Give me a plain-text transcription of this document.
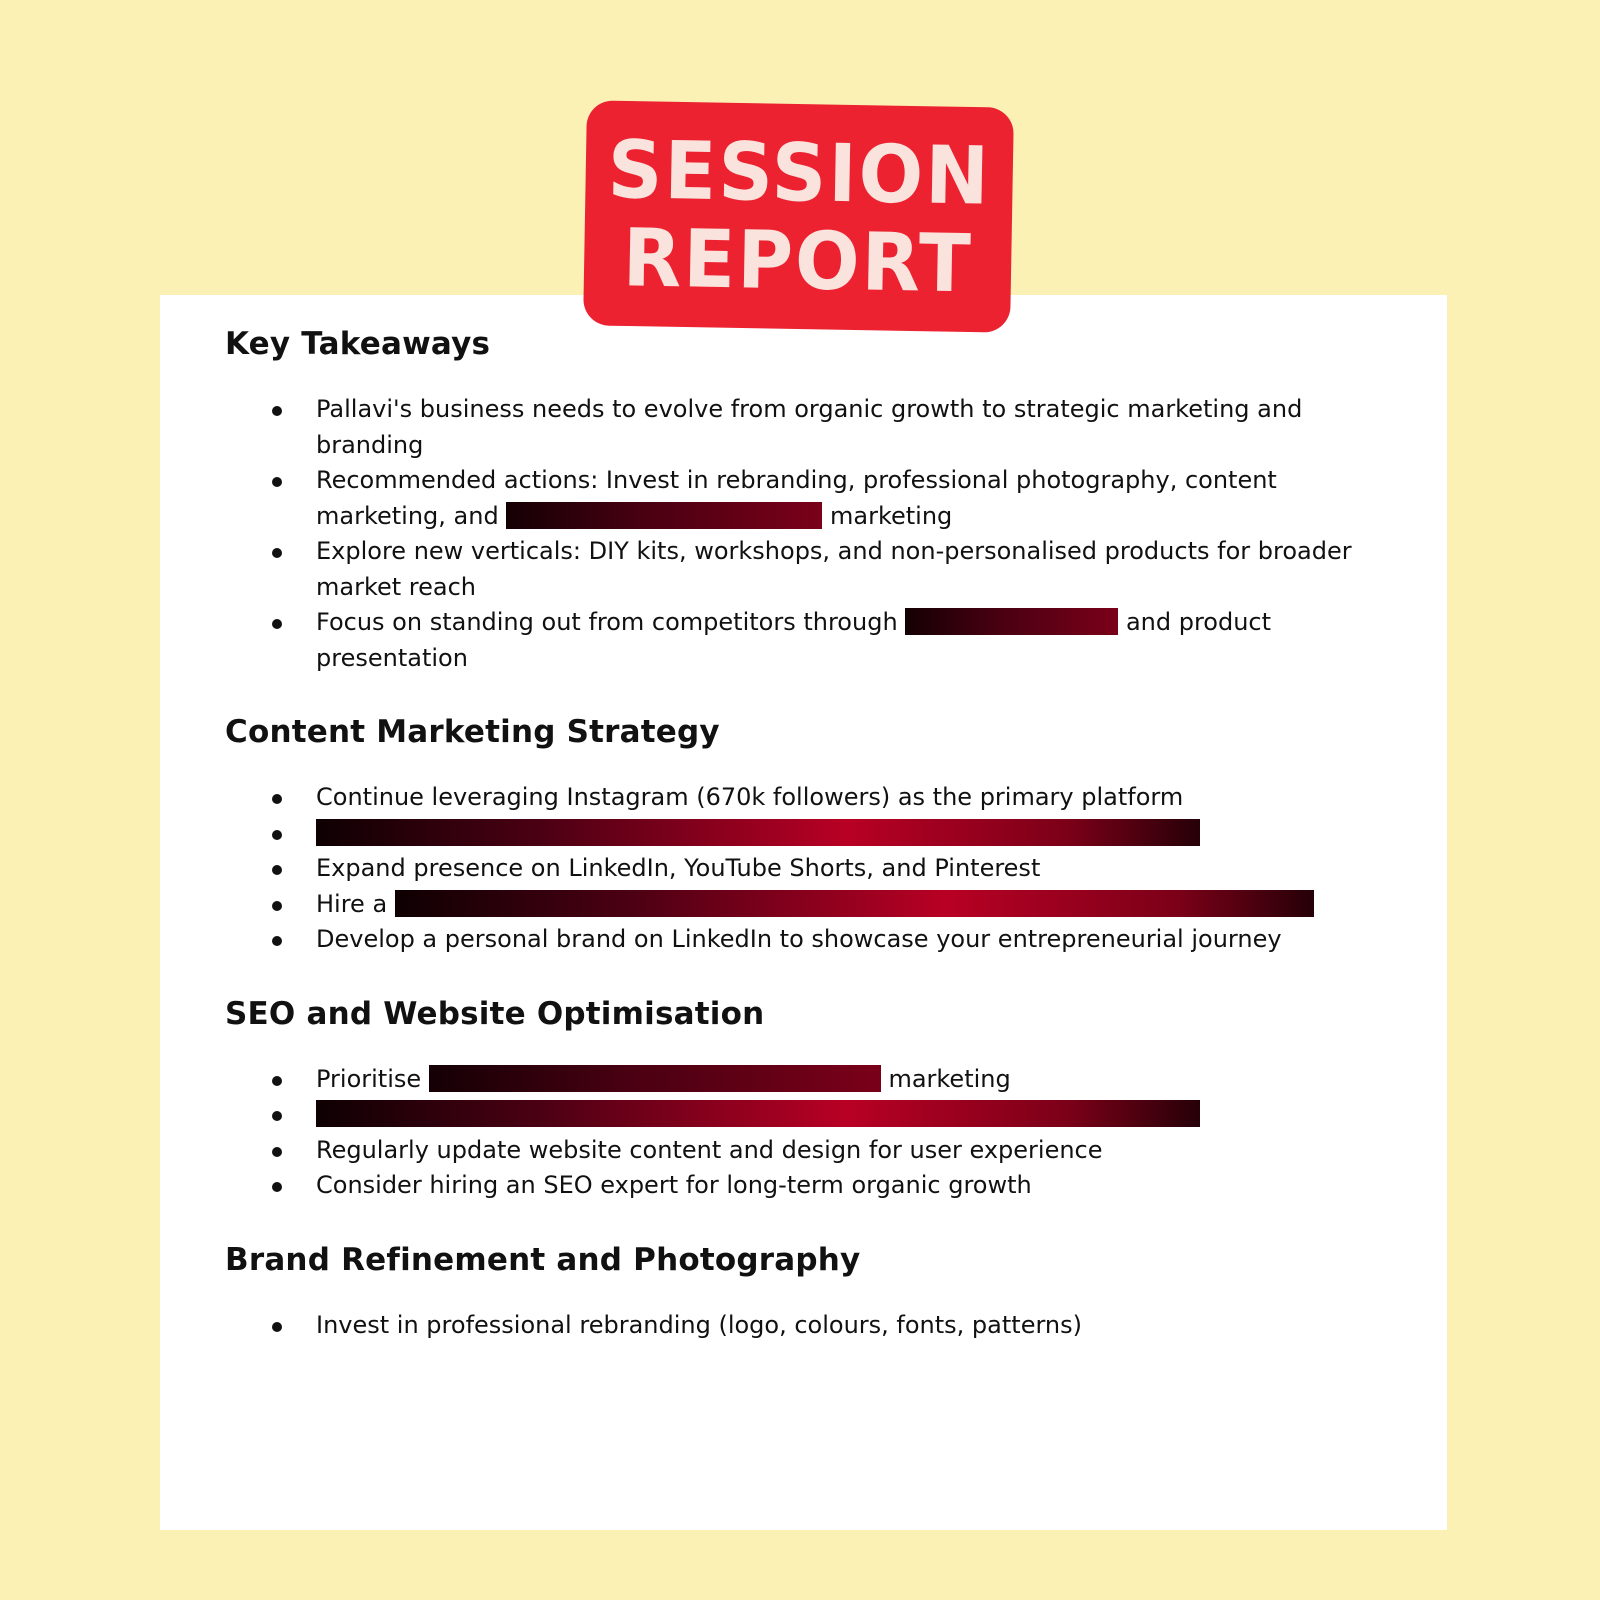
SESSION
REPORT
Key Takeaways
Pallavi's business needs to evolve from organic growth to strategic marketing and branding
Recommended actions: Invest in rebranding, professional photography, content marketing, and	marketing
Explore new verticals: DIY kits, workshops, and non-personalised products for broader market reach
Focus on standing out from competitors through	and product presentation
Content Marketing Strategy
Continue leveraging Instagram (670k followers) as the primary platform
Expand presence on LinkedIn, YouTube Shorts, and Pinterest
Hire a
Develop a personal brand on LinkedIn to showcase your entrepreneurial journey
SEO and Website Optimisation
Prioritise	marketing
Regularly update website content and design for user experience
Consider hiring an SEO expert for long-term organic growth
Brand Refinement and Photography
Invest in professional rebranding (logo, colours, fonts, patterns)
